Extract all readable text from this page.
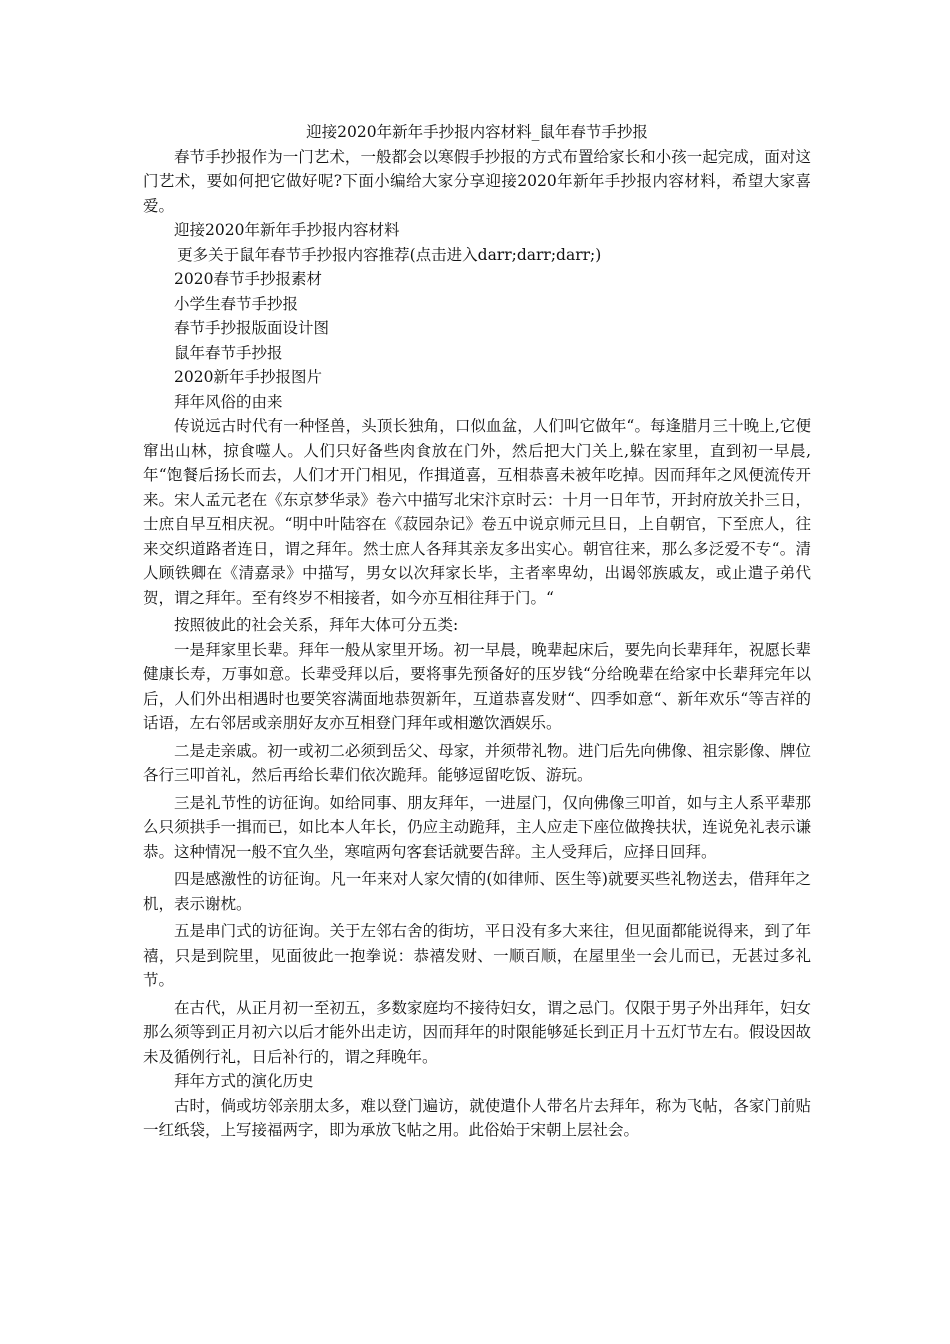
迎接2020年新年手抄报内容材料_鼠年春节手抄报

春节手抄报作为一门艺术，一般都会以寒假手抄报的方式布置给家长和小孩一起完成，面对这门艺术，要如何把它做好呢?下面小编给大家分享迎接2020年新年手抄报内容材料，希望大家喜爱。

迎接2020年新年手抄报内容材料

更多关于鼠年春节手抄报内容推荐(点击进入darr;darr;darr;)

2020春节手抄报素材

小学生春节手抄报

春节手抄报版面设计图

鼠年春节手抄报

2020新年手抄报图片

拜年风俗的由来

传说远古时代有一种怪兽，头顶长独角，口似血盆，人们叫它做年“。每逢腊月三十晚上,它便窜出山林，掠食噬人。人们只好备些肉食放在门外，然后把大门关上,躲在家里，直到初一早晨,年“饱餐后扬长而去，人们才开门相见，作揖道喜，互相恭喜未被年吃掉。因而拜年之风便流传开来。宋人孟元老在《东京梦华录》卷六中描写北宋汴京时云：十月一日年节，开封府放关扑三日，士庶自早互相庆祝。“明中叶陆容在《菽园杂记》卷五中说京师元旦日，上自朝官，下至庶人，往来交织道路者连日，谓之拜年。然士庶人各拜其亲友多出实心。朝官往来，那么多泛爱不专“。清人顾铁卿在《清嘉录》中描写，男女以次拜家长毕，主者率卑幼，出谒邻族戚友，或止遣子弟代贺，谓之拜年。至有终岁不相接者，如今亦互相往拜于门。“

按照彼此的社会关系，拜年大体可分五类:

一是拜家里长辈。拜年一般从家里开场。初一早晨，晚辈起床后，要先向长辈拜年，祝愿长辈健康长寿，万事如意。长辈受拜以后，要将事先预备好的压岁钱“分给晚辈在给家中长辈拜完年以后，人们外出相遇时也要笑容满面地恭贺新年，互道恭喜发财“、四季如意“、新年欢乐“等吉祥的话语，左右邻居或亲朋好友亦互相登门拜年或相邀饮酒娱乐。

二是走亲戚。初一或初二必须到岳父、母家，并须带礼物。进门后先向佛像、祖宗影像、牌位各行三叩首礼，然后再给长辈们依次跪拜。能够逗留吃饭、游玩。

三是礼节性的访征询。如给同事、朋友拜年，一进屋门，仅向佛像三叩首，如与主人系平辈那么只须拱手一揖而已，如比本人年长，仍应主动跪拜，主人应走下座位做搀扶状，连说免礼表示谦恭。这种情况一般不宜久坐，寒喧两句客套话就要告辞。主人受拜后，应择日回拜。

四是感激性的访征询。凡一年来对人家欠情的(如律师、医生等)就要买些礼物送去，借拜年之机，表示谢枕。

五是串门式的访征询。关于左邻右舍的街坊，平日没有多大来往，但见面都能说得来，到了年禧，只是到院里，见面彼此一抱拳说：恭禧发财、一顺百顺，在屋里坐一会儿而已，无甚过多礼节。

在古代，从正月初一至初五，多数家庭均不接待妇女，谓之忌门。仅限于男子外出拜年，妇女那么须等到正月初六以后才能外出走访，因而拜年的时限能够延长到正月十五灯节左右。假设因故未及循例行礼，日后补行的，谓之拜晚年。

拜年方式的演化历史

古时，倘或坊邻亲朋太多，难以登门遍访，就使遣仆人带名片去拜年，称为飞帖，各家门前贴一红纸袋，上写接福两字，即为承放飞帖之用。此俗始于宋朝上层社会。
